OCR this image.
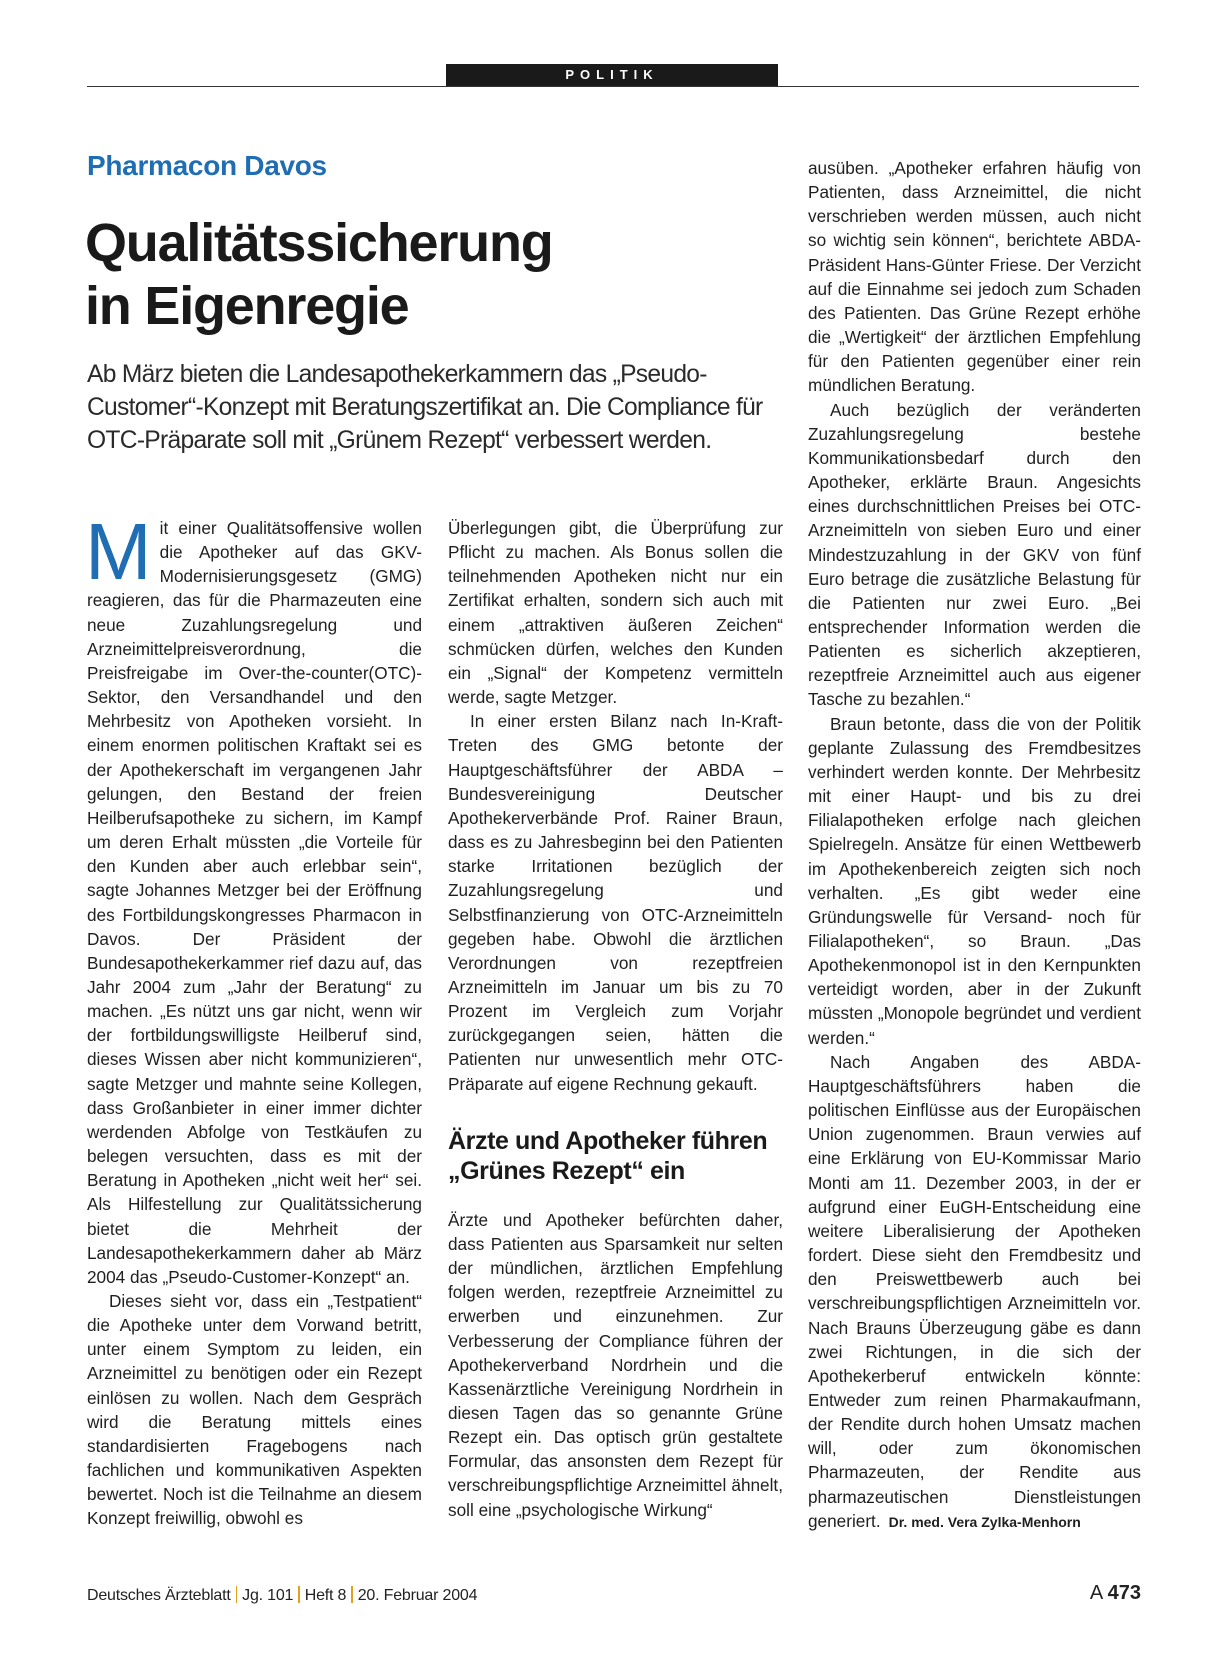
POLITIK
Pharmacon Davos
Qualitätssicherung
in Eigenregie

Ab März bieten die Landesapothekerkammern das „Pseudo-Customer“-Konzept mit Beratungszertifikat an. Die Compliance für OTC-Präparate soll mit „Grünem Rezept“ verbessert werden.

Mit einer Qualitätsoffensive wollen die Apotheker auf das GKV-Modernisierungsgesetz (GMG) reagieren, das für die Pharmazeuten eine neue Zuzahlungsregelung und Arzneimittelpreisverordnung, die Preisfreigabe im Over-the-counter(OTC)-Sektor, den Versandhandel und den Mehrbesitz von Apotheken vorsieht. In einem enormen politischen Kraftakt sei es der Apothekerschaft im vergangenen Jahr gelungen, den Bestand der freien Heilberufsapotheke zu sichern, im Kampf um deren Erhalt müssten „die Vorteile für den Kunden aber auch erlebbar sein“, sagte Johannes Metzger bei der Eröffnung des Fortbildungskongresses Pharmacon in Davos. Der Präsident der Bundesapothekerkammer rief dazu auf, das Jahr 2004 zum „Jahr der Beratung“ zu machen. „Es nützt uns gar nicht, wenn wir der fortbildungswilligste Heilberuf sind, dieses Wissen aber nicht kommunizieren“, sagte Metzger und mahnte seine Kollegen, dass Großanbieter in einer immer dichter werdenden Abfolge von Testkäufen zu belegen versuchten, dass es mit der Beratung in Apotheken „nicht weit her“ sei. Als Hilfestellung zur Qualitätssicherung bietet die Mehrheit der Landesapothekerkammern daher ab März 2004 das „Pseudo-Customer-Konzept“ an.

Dieses sieht vor, dass ein „Testpatient“ die Apotheke unter dem Vorwand betritt, unter einem Symptom zu leiden, ein Arzneimittel zu benötigen oder ein Rezept einlösen zu wollen. Nach dem Gespräch wird die Beratung mittels eines standardisierten Fragebogens nach fachlichen und kommunikativen Aspekten bewertet. Noch ist die Teilnahme an diesem Konzept freiwillig, obwohl es

Überlegungen gibt, die Überprüfung zur Pflicht zu machen. Als Bonus sollen die teilnehmenden Apotheken nicht nur ein Zertifikat erhalten, sondern sich auch mit einem „attraktiven äußeren Zeichen“ schmücken dürfen, welches den Kunden ein „Signal“ der Kompetenz vermitteln werde, sagte Metzger.

In einer ersten Bilanz nach In-Kraft-Treten des GMG betonte der Hauptgeschäftsführer der ABDA – Bundesvereinigung Deutscher Apothekerverbände Prof. Rainer Braun, dass es zu Jahresbeginn bei den Patienten starke Irritationen bezüglich der Zuzahlungsregelung und Selbstfinanzierung von OTC-Arzneimitteln gegeben habe. Obwohl die ärztlichen Verordnungen von rezeptfreien Arzneimitteln im Januar um bis zu 70 Prozent im Vergleich zum Vorjahr zurückgegangen seien, hätten die Patienten nur unwesentlich mehr OTC-Präparate auf eigene Rechnung gekauft.

Ärzte und Apotheker führen „Grünes Rezept“ ein

Ärzte und Apotheker befürchten daher, dass Patienten aus Sparsamkeit nur selten der mündlichen, ärztlichen Empfehlung folgen werden, rezeptfreie Arzneimittel zu erwerben und einzunehmen. Zur Verbesserung der Compliance führen der Apothekerverband Nordrhein und die Kassenärztliche Vereinigung Nordrhein in diesen Tagen das so genannte Grüne Rezept ein. Das optisch grün gestaltete Formular, das ansonsten dem Rezept für verschreibungspflichtige Arzneimittel ähnelt, soll eine „psychologische Wirkung“

ausüben. „Apotheker erfahren häufig von Patienten, dass Arzneimittel, die nicht verschrieben werden müssen, auch nicht so wichtig sein können“, berichtete ABDA-Präsident Hans-Günter Friese. Der Verzicht auf die Einnahme sei jedoch zum Schaden des Patienten. Das Grüne Rezept erhöhe die „Wertigkeit“ der ärztlichen Empfehlung für den Patienten gegenüber einer rein mündlichen Beratung.

Auch bezüglich der veränderten Zuzahlungsregelung bestehe Kommunikationsbedarf durch den Apotheker, erklärte Braun. Angesichts eines durchschnittlichen Preises bei OTC-Arzneimitteln von sieben Euro und einer Mindestzuzahlung in der GKV von fünf Euro betrage die zusätzliche Belastung für die Patienten nur zwei Euro. „Bei entsprechender Information werden die Patienten es sicherlich akzeptieren, rezeptfreie Arzneimittel auch aus eigener Tasche zu bezahlen.“

Braun betonte, dass die von der Politik geplante Zulassung des Fremdbesitzes verhindert werden konnte. Der Mehrbesitz mit einer Haupt- und bis zu drei Filialapotheken erfolge nach gleichen Spielregeln. Ansätze für einen Wettbewerb im Apothekenbereich zeigten sich noch verhalten. „Es gibt weder eine Gründungswelle für Versand- noch für Filialapotheken“, so Braun. „Das Apothekenmonopol ist in den Kernpunkten verteidigt worden, aber in der Zukunft müssten „Monopole begründet und verdient werden.“

Nach Angaben des ABDA-Hauptgeschäftsführers haben die politischen Einflüsse aus der Europäischen Union zugenommen. Braun verwies auf eine Erklärung von EU-Kommissar Mario Monti am 11. Dezember 2003, in der er aufgrund einer EuGH-Entscheidung eine weitere Liberalisierung der Apotheken fordert. Diese sieht den Fremdbesitz und den Preiswettbewerb auch bei verschreibungspflichtigen Arzneimitteln vor. Nach Brauns Überzeugung gäbe es dann zwei Richtungen, in die sich der Apothekerberuf entwickeln könnte: Entweder zum reinen Pharmakaufmann, der Rendite durch hohen Umsatz machen will, oder zum ökonomischen Pharmazeuten, der Rendite aus pharmazeutischen Dienstleistungen generiert. Dr. med. Vera Zylka-Menhorn

Deutsches Ärzteblatt Jg. 101 Heft 8 20. Februar 2004	A 473
